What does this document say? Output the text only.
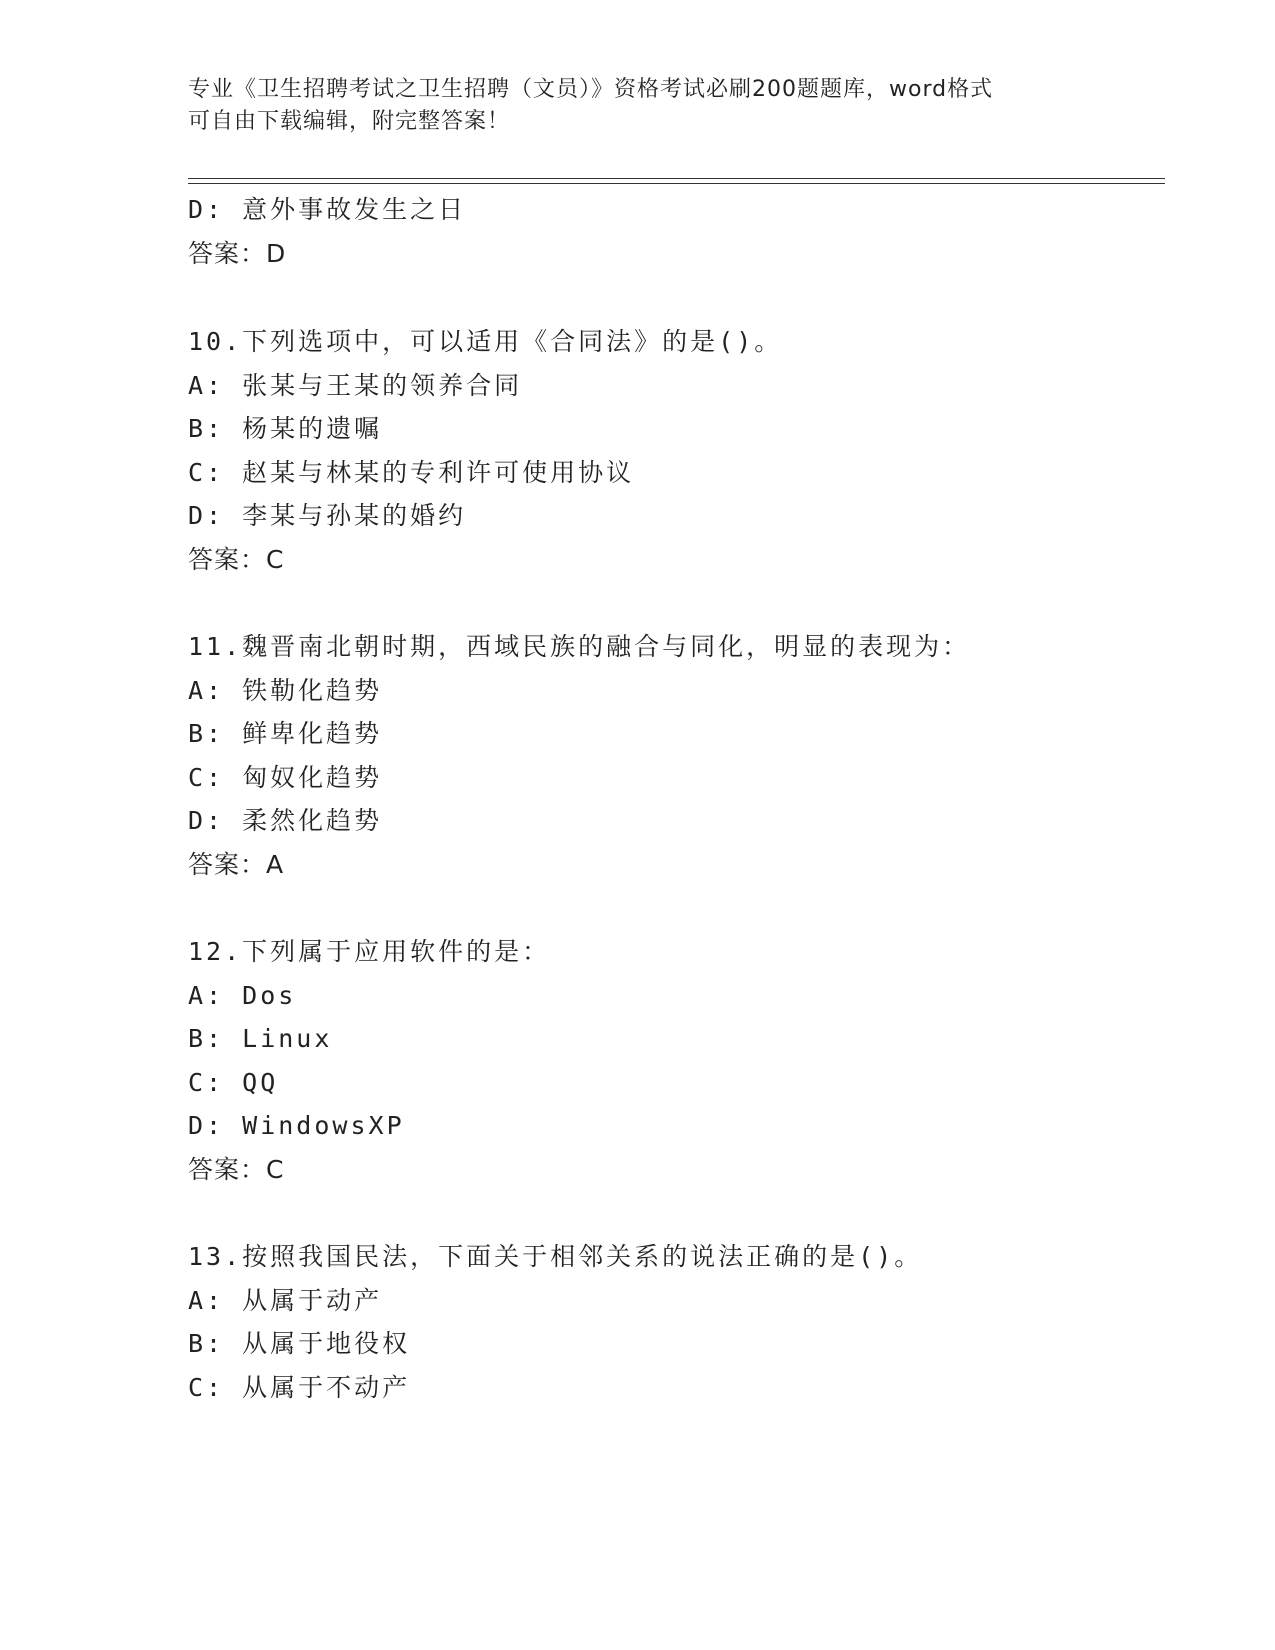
专业《卫生招聘考试之卫生招聘（文员）》资格考试必刷200题题库，word格式
可自由下载编辑，附完整答案！
D: 意外事故发生之日
答案：D
10.下列选项中，可以适用《合同法》的是()。
A: 张某与王某的领养合同
B: 杨某的遗嘱
C: 赵某与林某的专利许可使用协议
D: 李某与孙某的婚约
答案：C
11.魏晋南北朝时期，西域民族的融合与同化，明显的表现为：
A: 铁勒化趋势
B: 鲜卑化趋势
C: 匈奴化趋势
D: 柔然化趋势
答案：A
12.下列属于应用软件的是：
A: Dos
B: Linux
C: QQ
D: WindowsXP
答案：C
13.按照我国民法，下面关于相邻关系的说法正确的是()。
A: 从属于动产
B: 从属于地役权
C: 从属于不动产
